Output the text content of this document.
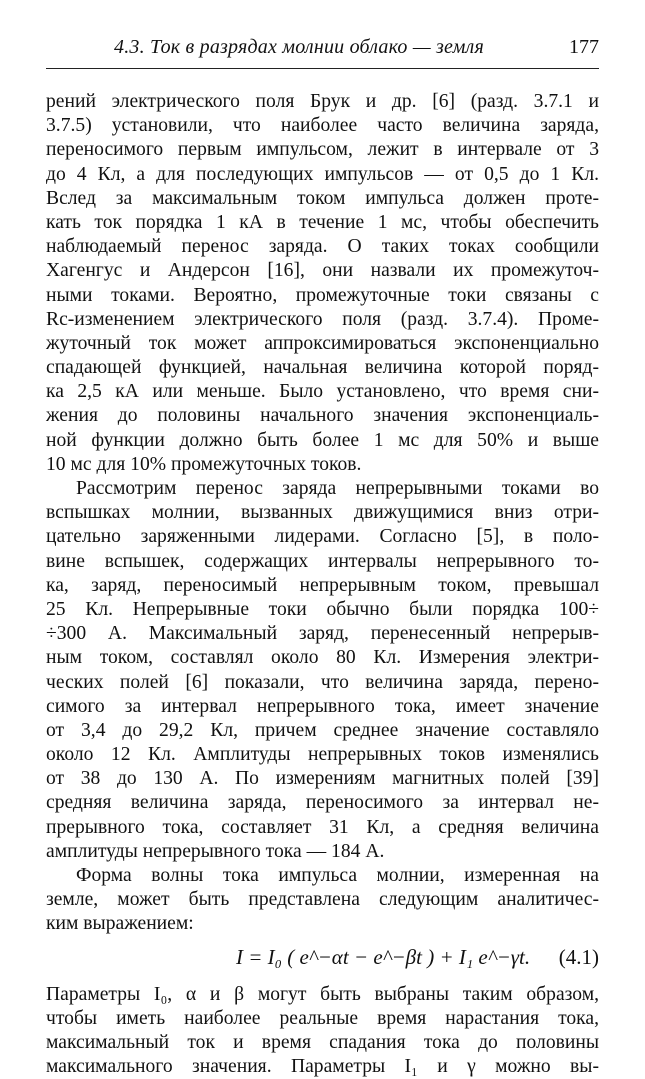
4.3. Ток в разрядах молнии облако — земля	177
рений электрического поля Брук и др. [6] (разд. 3.7.1 и
3.7.5) установили, что наиболее часто величина заряда,
переносимого первым импульсом, лежит в интервале от 3
до 4 Кл, а для последующих импульсов — от 0,5 до 1 Кл.
Вслед за максимальным током импульса должен проте-
кать ток порядка 1 кА в течение 1 мс, чтобы обеспечить
наблюдаемый перенос заряда. О таких токах сообщили
Хагенгус и Андерсон [16], они назвали их промежуточ-
ными токами. Вероятно, промежуточные токи связаны с
Rc-изменением электрического поля (разд. 3.7.4). Проме-
жуточный ток может аппроксимироваться экспоненциально
спадающей функцией, начальная величина которой поряд-
ка 2,5 кА или меньше. Было установлено, что время сни-
жения до половины начального значения экспоненциаль-
ной функции должно быть более 1 мс для 50% и выше
10 мс для 10% промежуточных токов.
Рассмотрим перенос заряда непрерывными токами во
вспышках молнии, вызванных движущимися вниз отри-
цательно заряженными лидерами. Согласно [5], в поло-
вине вспышек, содержащих интервалы непрерывного то-
ка, заряд, переносимый непрерывным током, превышал
25 Кл. Непрерывные токи обычно были порядка 100÷
÷300 А. Максимальный заряд, перенесенный непрерыв-
ным током, составлял около 80 Кл. Измерения электри-
ческих полей [6] показали, что величина заряда, перено-
симого за интервал непрерывного тока, имеет значение
от 3,4 до 29,2 Кл, причем среднее значение составляло
около 12 Кл. Амплитуды непрерывных токов изменялись
от 38 до 130 А. По измерениям магнитных полей [39]
средняя величина заряда, переносимого за интервал не-
прерывного тока, составляет 31 Кл, а средняя величина
амплитуды непрерывного тока — 184 А.
Форма волны тока импульса молнии, измеренная на
земле, может быть представлена следующим аналитичес-
ким выражением:
I = I₀ ( e^−αt − e^−βt ) + I₁ e^−γt. (4.1)
Параметры I₀, α и β могут быть выбраны таким образом,
чтобы иметь наиболее реальные время нарастания тока,
максимальный ток и время спадания тока до половины
максимального значения. Параметры I₁ и γ можно вы-
